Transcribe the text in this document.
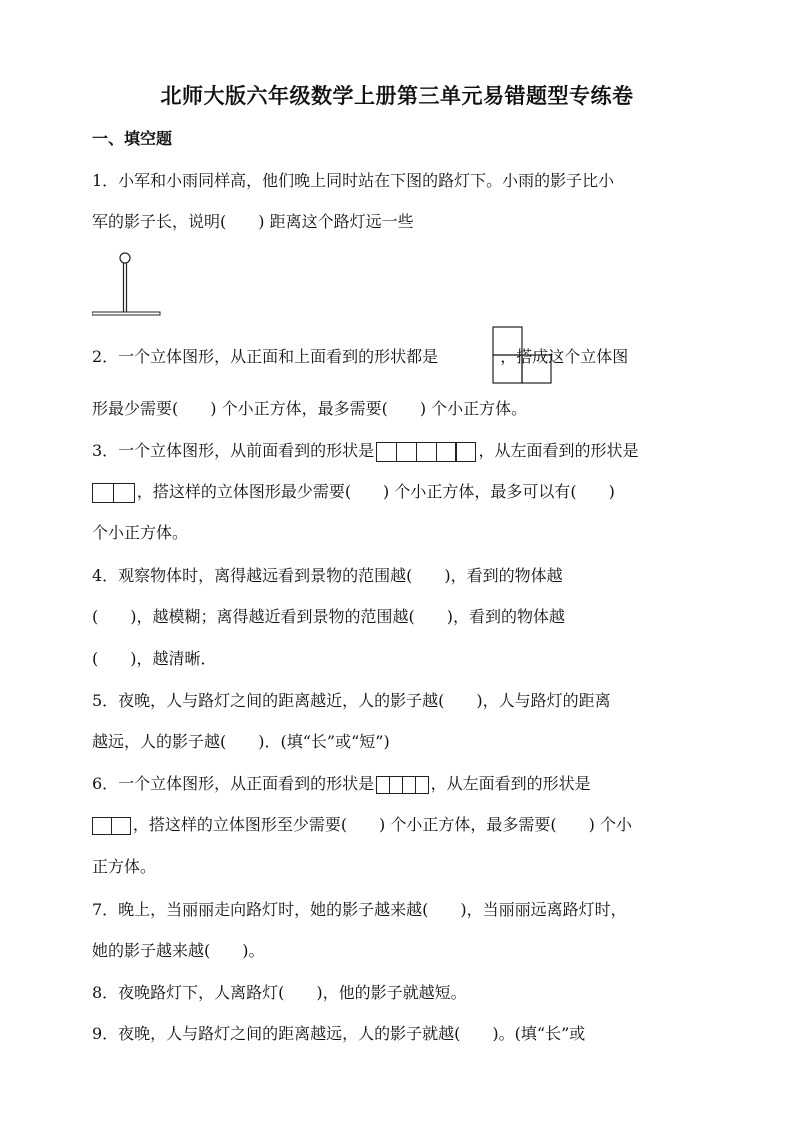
北师大版六年级数学上册第三单元易错题型专练卷
一、填空题
1．小军和小雨同样高，他们晚上同时站在下图的路灯下。小雨的影子比小
军的影子长，说明(　　) 距离这个路灯远一些
2．一个立体图形，从正面和上面看到的形状都是	，搭成这个立体图
形最少需要(　　) 个小正方体，最多需要(　　) 个小正方体。
3．一个立体图形，从前面看到的形状是	，从左面看到的形状是
，搭这样的立体图形最少需要(　　) 个小正方体，最多可以有(　　)
个小正方体。
4．观察物体时，离得越远看到景物的范围越(　　)，看到的物体越
(　　)，越模糊；离得越近看到景物的范围越(　　)，看到的物体越
(　　)，越清晰．
5．夜晚，人与路灯之间的距离越近，人的影子越(　　)，人与路灯的距离
越远，人的影子越(　　)．(填“长”或“短”)
6．一个立体图形，从正面看到的形状是	，从左面看到的形状是
，搭这样的立体图形至少需要(　　) 个小正方体，最多需要(　　) 个小
正方体。
7．晚上，当丽丽走向路灯时，她的影子越来越(　　)，当丽丽远离路灯时，
她的影子越来越(　　)。
8．夜晚路灯下，人离路灯(　　)，他的影子就越短。
9．夜晚，人与路灯之间的距离越远，人的影子就越(　　)。(填“长”或
